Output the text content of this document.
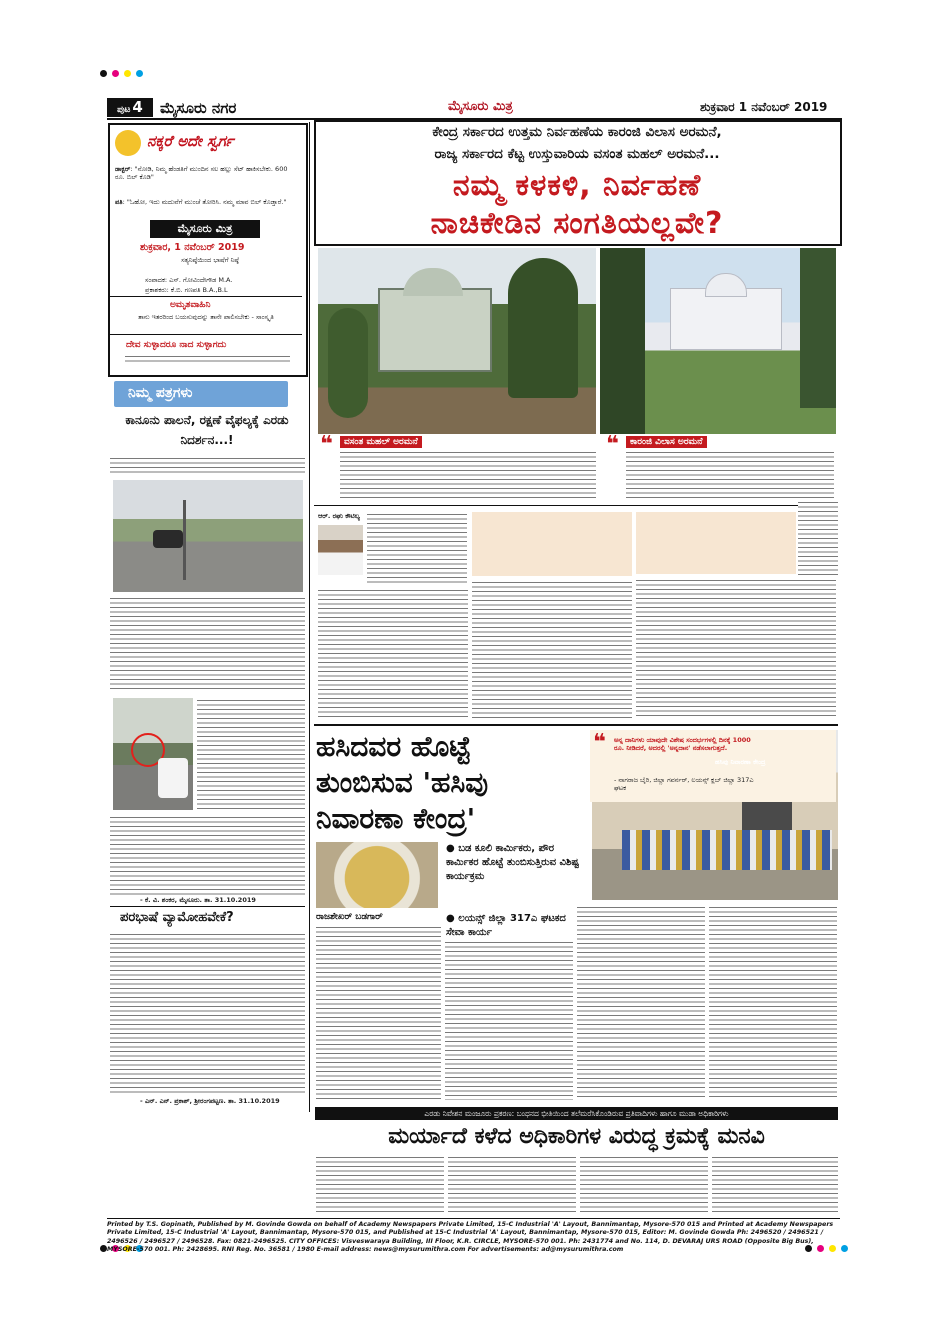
ಪುಟ 4	ಮೈಸೂರು ನಗರ	ಮೈಸೂರು ಮಿತ್ರ	ಶುಕ್ರವಾರ 1 ನವೆಂಬರ್ 2019
ನಕ್ಕರೆ ಅದೇ ಸ್ವರ್ಗ
ಡಾಕ್ಟರ್: "ನೋಡಿ, ನಿಮ್ಮ ಹೆಂಡತಿಗೆ ಮುಂದಿನ ಸಲ ಹಲ್ಲು ಸೆಟ್ ಹಾಕಿಸಬೇಕು. 600 ರೂ. ಬಿಲ್ ಕೊಡಿ"
ಪತಿ: "ಓಹೋ, ಇದು ಮದುವೆಗೆ ಮುಂಚೆ ತೋರಿಸಿ. ನಮ್ಮ ಮಾವ ಬಿಲ್ ಕೊಡ್ತಾರೆ."
ಮೈಸೂರು ಮಿತ್ರ
ಶುಕ್ರವಾರ, 1 ನವೆಂಬರ್ 2019
ಸತ್ಯನಿಷ್ಠೆಯಿಂದ ಭಾಷೆಗೆ ನಿಷ್ಠೆ
ಸಂಪಾದಕ: ಎಸ್. ಗೋವಿಂದೇಗೌಡ M.A.
ಪ್ರಕಾಶಕರು: ಕೆ.ಬಿ. ಗಣಪತಿ B.A.,B.L
ಅಮೃತವಾಹಿನಿ
ತಾನು ಇತರರಿಂದ ಬಯಸುವುದನ್ನು ತಾನೇ ಪಾಲಿಸಬೇಕು - ಸಾಂಸ್ಕೃತಿ
ದೇವ ಸುಳ್ಳಾದರೂ ನಾದ ಸುಳ್ಳಾಗದು
ನಿಮ್ಮ ಪತ್ರಗಳು
ಕಾನೂನು ಪಾಲನೆ, ರಕ್ಷಣೆ ವೈಫಲ್ಯಕ್ಕೆ ಎರಡು ನಿದರ್ಶನ...!
- ಕೆ. ವಿ. ಶಂಕರ, ಮೈಸೂರು. ತಾ. 31.10.2019
ಪರಭಾಷೆ ವ್ಯಾಮೋಹವೇಕೆ?
- ಎನ್. ಎನ್. ಪ್ರಕಾಶ್, ಶ್ರೀರಂಗಪಟ್ಟಣ. ತಾ. 31.10.2019
ಕೇಂದ್ರ ಸರ್ಕಾರದ ಉತ್ತಮ ನಿರ್ವಹಣೆಯ ಕಾರಂಜಿ ವಿಲಾಸ ಅರಮನೆ,
ರಾಜ್ಯ ಸರ್ಕಾರದ ಕೆಟ್ಟ ಉಸ್ತುವಾರಿಯ ವಸಂತ ಮಹಲ್ ಅರಮನೆ...
ನಮ್ಮ ಕಳಕಳಿ, ನಿರ್ವಹಣೆ
ನಾಚಿಕೇಡಿನ ಸಂಗತಿಯಲ್ಲವೇ?
ವಸಂತ ಮಹಲ್ ಅರಮನೆ
❝	ಕಾರಂಜಿ ವಿಲಾಸ ಅರಮನೆ
❝
ಆರ್. ರಘು ಕೌಟಿಲ್ಯ
ಹಸಿದವರ ಹೊಟ್ಟೆ
ತುಂಬಿಸುವ 'ಹಸಿವು
ನಿವಾರಣಾ ಕೇಂದ್ರ'
● ಬಡ ಕೂಲಿ ಕಾರ್ಮಿಕರು, ಪೌರ ಕಾರ್ಮಿಕರ ಹೊಟ್ಟೆ ತುಂಬಿಸುತ್ತಿರುವ ವಿಶಿಷ್ಟ ಕಾರ್ಯಕ್ರಮ
● ಲಯನ್ಸ್ ಜಿಲ್ಲಾ 317ಎ ಘಟಕದ ಸೇವಾ ಕಾರ್ಯ
❝ ಅನ್ನ ದಾನಿಗಳು ಯಾವುದೇ ವಿಶೇಷ ಸಂದರ್ಭಗಳಲ್ಲಿ ದಿನಕ್ಕೆ 1000 ರೂ. ನೀಡಿದರೆ, ಅದರಲ್ಲಿ 'ಅನ್ನದಾನ' ನಡೆಸಲಾಗುತ್ತದೆ.
- ನಾಗರಾಜ ಬೈರಿ, ಜಿಲ್ಲಾ ಗವರ್ನರ್, ಲಯನ್ಸ್ ಕ್ಲಬ್ ಜಿಲ್ಲಾ 317ಎ ಘಟಕ
ಹಸಿವು ನಿವಾರಣಾ ಕೇಂದ್ರ
ರಾಜಶೇಖರ್ ಬಡಗಾರ್
ಎರಡು ನಿವೇಶನ ಮಂಜೂರು ಪ್ರಕರಣ: ಬಂಧನದ ಭೀತಿಯಿಂದ ತಲೆಮರೆಸಿಕೊಂಡಿರುವ ಪ್ರತಿವಾದಿಗಳು ಹಾಗೂ ಮುಡಾ ಅಧಿಕಾರಿಗಳು
ಮರ್ಯಾದೆ ಕಳೆದ ಅಧಿಕಾರಿಗಳ ವಿರುದ್ಧ ಕ್ರಮಕ್ಕೆ ಮನವಿ
Printed by T.S. Gopinath, Published by M. Govinde Gowda on behalf of Academy Newspapers Private Limited, 15-C Industrial 'A' Layout, Bannimantap, Mysore-570 015 and Printed at Academy Newspapers Private Limited, 15-C Industrial 'A' Layout, Bannimantap, Mysore-570 015, and Published at 15-C Industrial 'A' Layout, Bannimantap, Mysore-570 015, Editor: M. Govinde Gowda Ph: 2496520 / 2496521 / 2496526 / 2496527 / 2496528. Fax: 0821-2496525. CITY OFFICES: Visveswaraya Building, III Floor, K.R. CIRCLE, MYSORE-570 001. Ph: 2431774 and No. 114, D. DEVARAJ URS ROAD (Opposite Big Bus), MYSORE-570 001. Ph: 2428695. RNI Reg. No. 36581 / 1980 E-mail address: news@mysurumithra.com For advertisements: ad@mysurumithra.com
